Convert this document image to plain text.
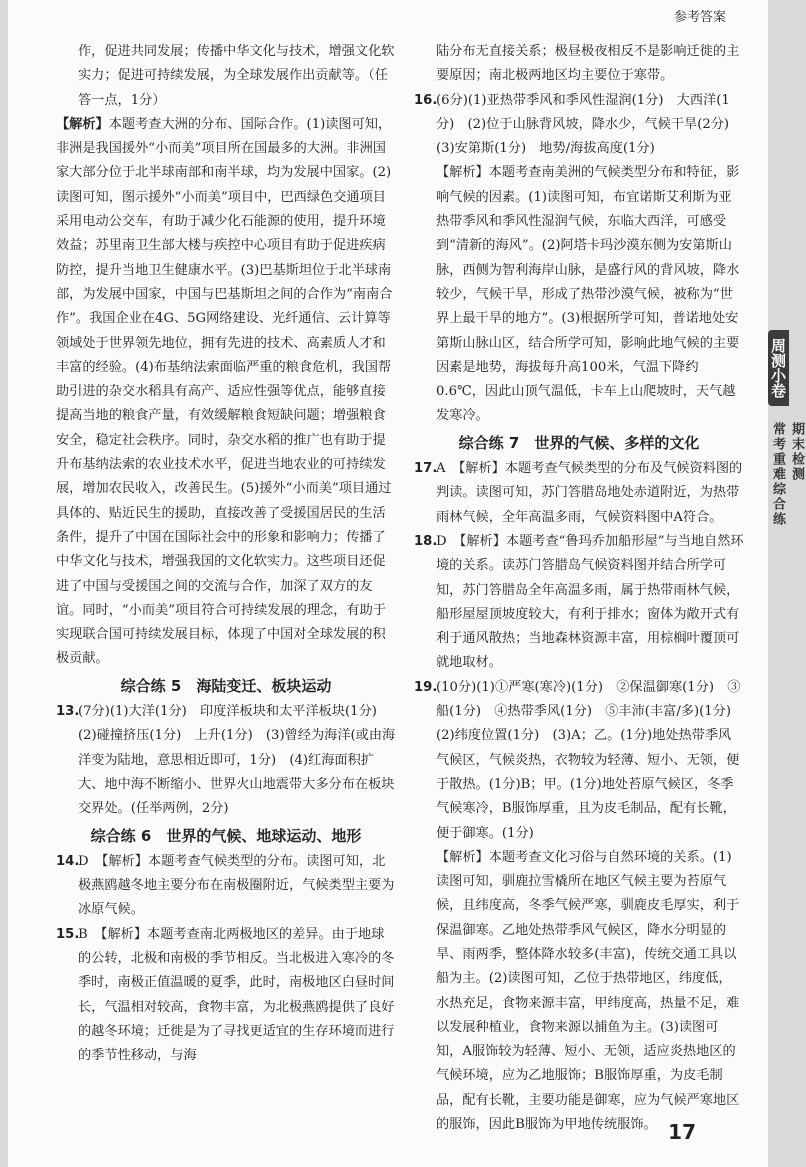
参考答案

作，促进共同发展；传播中华文化与技术，增强文化软实力；促进可持续发展，为全球发展作出贡献等。（任答一点，1分）

【解析】本题考查大洲的分布、国际合作。(1)读图可知，非洲是我国援外“小而美”项目所在国最多的大洲。非洲国家大部分位于北半球南部和南半球，均为发展中国家。(2)读图可知，图示援外“小而美”项目中，巴西绿色交通项目采用电动公交车，有助于减少化石能源的使用，提升环境效益；苏里南卫生部大楼与疾控中心项目有助于促进疾病防控，提升当地卫生健康水平。(3)巴基斯坦位于北半球南部，为发展中国家，中国与巴基斯坦之间的合作为“南南合作”。我国企业在4G、5G网络建设、光纤通信、云计算等领域处于世界领先地位，拥有先进的技术、高素质人才和丰富的经验。(4)布基纳法索面临严重的粮食危机，我国帮助引进的杂交水稻具有高产、适应性强等优点，能够直接提高当地的粮食产量，有效缓解粮食短缺问题；增强粮食安全，稳定社会秩序。同时，杂交水稻的推广也有助于提升布基纳法索的农业技术水平，促进当地农业的可持续发展，增加农民收入，改善民生。(5)援外“小而美”项目通过具体的、贴近民生的援助，直接改善了受援国居民的生活条件，提升了中国在国际社会中的形象和影响力；传播了中华文化与技术，增强我国的文化软实力。这些项目还促进了中国与受援国之间的交流与合作，加深了双方的友谊。同时，“小而美”项目符合可持续发展的理念，有助于实现联合国可持续发展目标，体现了中国对全球发展的积极贡献。

综合练 5　海陆变迁、板块运动
13.
(7分)(1)大洋(1分)　印度洋板块和太平洋板块(1分)　(2)碰撞挤压(1分)　上升(1分)　(3)曾经为海洋(或由海洋变为陆地，意思相近即可，1分)　(4)红海面积扩大、地中海不断缩小、世界火山地震带大多分布在板块交界处。(任举两例，2分)
综合练 6　世界的气候、地球运动、地形
14.
D　【解析】本题考查气候类型的分布。读图可知，北极燕鸥越冬地主要分布在南极圈附近，气候类型主要为冰原气候。
15.
B　【解析】本题考查南北两极地区的差异。由于地球的公转，北极和南极的季节相反。当北极进入寒冷的冬季时，南极正值温暖的夏季，此时，南极地区白昼时间长，气温相对较高，食物丰富，为北极燕鸥提供了良好的越冬环境；迁徙是为了寻找更适宜的生存环境而进行的季节性移动，与海

陆分布无直接关系；极昼极夜相反不是影响迁徙的主要原因；南北极两地区均主要位于寒带。

16.
(6分)(1)亚热带季风和季风性湿润(1分)　大西洋(1分)　(2)位于山脉背风坡，降水少，气候干旱(2分)　(3)安第斯(1分)　地势/海拔高度(1分)

【解析】本题考查南美洲的气候类型分布和特征，影响气候的因素。(1)读图可知，布宜诺斯艾利斯为亚热带季风和季风性湿润气候，东临大西洋，可感受到“清新的海风”。(2)阿塔卡玛沙漠东侧为安第斯山脉，西侧为智利海岸山脉，是盛行风的背风坡，降水较少，气候干旱，形成了热带沙漠气候，被称为“世界上最干旱的地方”。(3)根据所学可知，普诺地处安第斯山脉山区，结合所学可知，影响此地气候的主要因素是地势，海拔每升高100米，气温下降约0.6℃，因此山顶气温低，卡车上山爬坡时，天气越发寒冷。

综合练 7　世界的气候、多样的文化
17.
A　【解析】本题考查气候类型的分布及气候资料图的判读。读图可知，苏门答腊岛地处赤道附近，为热带雨林气候，全年高温多雨，气候资料图中A符合。
18.
D　【解析】本题考查“鲁玛乔加船形屋”与当地自然环境的关系。读苏门答腊岛气候资料图并结合所学可知，苏门答腊岛全年高温多雨，属于热带雨林气候，船形屋屋顶坡度较大，有利于排水；窗体为敞开式有利于通风散热；当地森林资源丰富，用棕榈叶覆顶可就地取材。
19.
(10分)(1)①严寒(寒冷)(1分)　②保温御寒(1分)　③船(1分)　④热带季风(1分)　⑤丰沛(丰富/多)(1分)　(2)纬度位置(1分)　(3)A；乙。(1分)地处热带季风气候区，气候炎热，衣物较为轻薄、短小、无领，便于散热。(1分)B；甲。(1分)地处苔原气候区，冬季气候寒冷，B服饰厚重，且为皮毛制品，配有长靴，便于御寒。(1分)

【解析】本题考查文化习俗与自然环境的关系。(1)读图可知，驯鹿拉雪橇所在地区气候主要为苔原气候，且纬度高，冬季气候严寒，驯鹿皮毛厚实，利于保温御寒。乙地处热带季风气候区，降水分明显的旱、雨两季，整体降水较多(丰富)，传统交通工具以船为主。(2)读图可知，乙位于热带地区，纬度低，水热充足，食物来源丰富，甲纬度高，热量不足，难以发展种植业，食物来源以捕鱼为主。(3)读图可知，A服饰较为轻薄、短小、无领，适应炎热地区的气候环境，应为乙地服饰；B服饰厚重，为皮毛制品，配有长靴，主要功能是御寒，应为气候严寒地区的服饰，因此B服饰为甲地传统服饰。 17
周测小卷
期末检测
常考重难综合练
